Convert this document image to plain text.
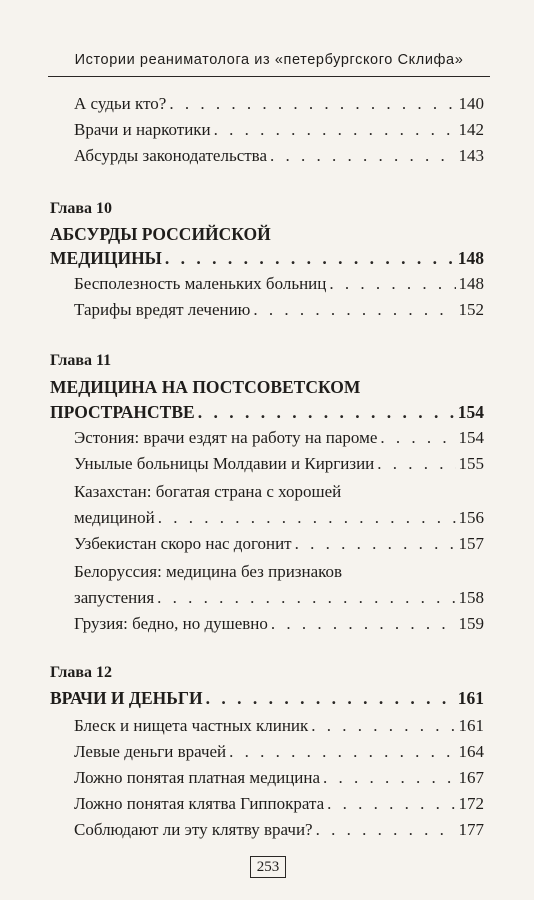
Истории реаниматолога из «петербургского Склифа»
А судьи кто? . . .	140
Врачи и наркотики . . .	142
Абсурды законодательства . . .	143
Глава 10
АБСУРДЫ РОССИЙСКОЙ
МЕДИЦИНЫ . . .	148
Бесполезность маленьких больниц . . .	148
Тарифы вредят лечению . . .	152
Глава 11
МЕДИЦИНА НА ПОСТСОВЕТСКОМ
ПРОСТРАНСТВЕ . . .	154
Эстония: врачи ездят на работу на пароме . . .	154
Унылые больницы Молдавии и Киргизии . . .	155
Казахстан: богатая страна с хорошей
медициной . . .	156
Узбекистан скоро нас догонит . . .	157
Белоруссия: медицина без признаков
запустения . . .	158
Грузия: бедно, но душевно . . .	159
Глава 12
ВРАЧИ И ДЕНЬГИ . . .	161
Блеск и нищета частных клиник . . .	161
Левые деньги врачей . . .	164
Ложно понятая платная медицина . . .	167
Ложно понятая клятва Гиппократа . . .	172
Соблюдают ли эту клятву врачи? . . .	177
253
